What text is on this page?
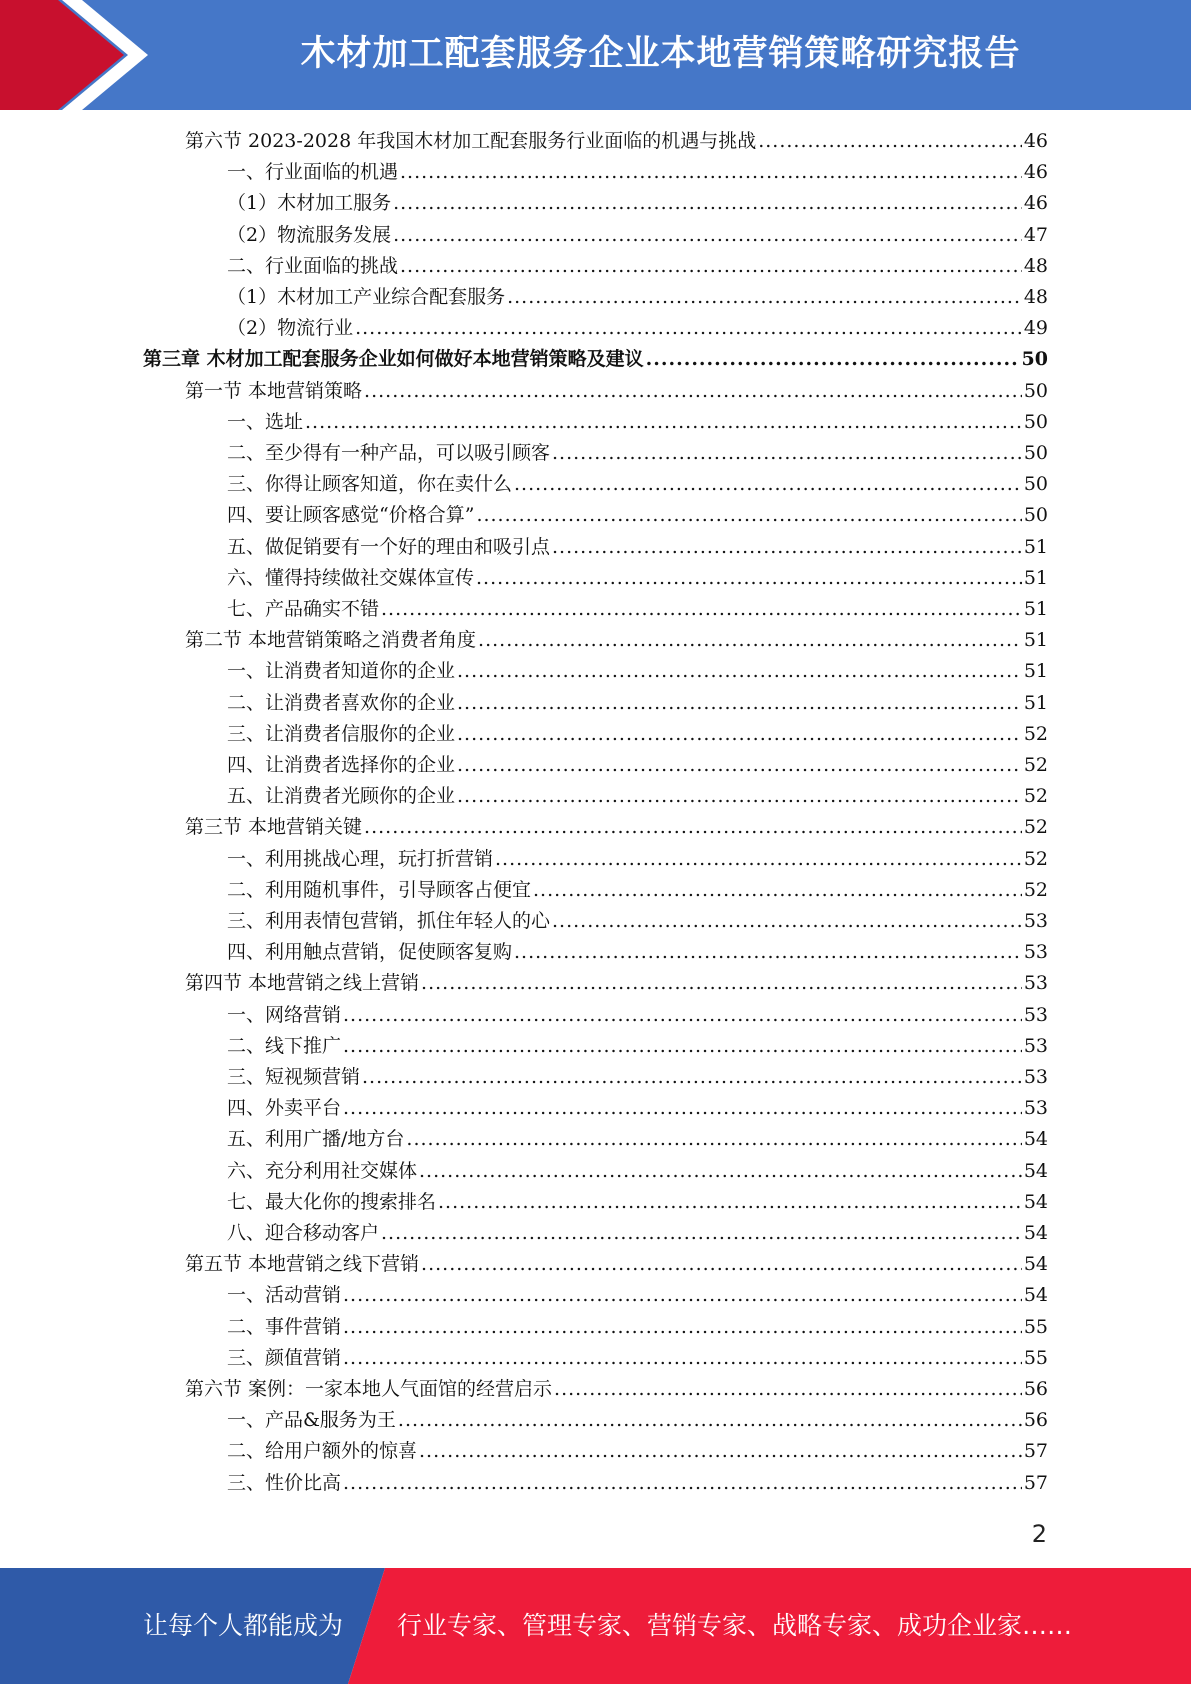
木材加工配套服务企业本地营销策略研究报告
第六节 2023-2028 年我国木材加工配套服务行业面临的机遇与挑战 .....	46
一、行业面临的机遇 .....	46
（1）木材加工服务 .....	46
（2）物流服务发展 .....	47
二、行业面临的挑战 .....	48
（1）木材加工产业综合配套服务 .....	48
（2）物流行业 .....	49
第三章 木材加工配套服务企业如何做好本地营销策略及建议 .....	50
第一节 本地营销策略 .....	50
一、选址 .....	50
二、至少得有一种产品，可以吸引顾客 .....	50
三、你得让顾客知道，你在卖什么 .....	50
四、要让顾客感觉“价格合算” .....	50
五、做促销要有一个好的理由和吸引点 .....	51
六、懂得持续做社交媒体宣传 .....	51
七、产品确实不错 .....	51
第二节 本地营销策略之消费者角度 .....	51
一、让消费者知道你的企业 .....	51
二、让消费者喜欢你的企业 .....	51
三、让消费者信服你的企业 .....	52
四、让消费者选择你的企业 .....	52
五、让消费者光顾你的企业 .....	52
第三节 本地营销关键 .....	52
一、利用挑战心理，玩打折营销 .....	52
二、利用随机事件，引导顾客占便宜 .....	52
三、利用表情包营销，抓住年轻人的心 .....	53
四、利用触点营销，促使顾客复购 .....	53
第四节 本地营销之线上营销 .....	53
一、网络营销 .....	53
二、线下推广 .....	53
三、短视频营销 .....	53
四、外卖平台 .....	53
五、利用广播/地方台 .....	54
六、充分利用社交媒体 .....	54
七、最大化你的搜索排名 .....	54
八、迎合移动客户 .....	54
第五节 本地营销之线下营销 .....	54
一、活动营销 .....	54
二、事件营销 .....	55
三、颜值营销 .....	55
第六节 案例：一家本地人气面馆的经营启示 .....	56
一、产品&服务为王 .....	56
二、给用户额外的惊喜 .....	57
三、性价比高 .....	57
2
让每个人都能成为 行业专家、管理专家、营销专家、战略专家、成功企业家……
